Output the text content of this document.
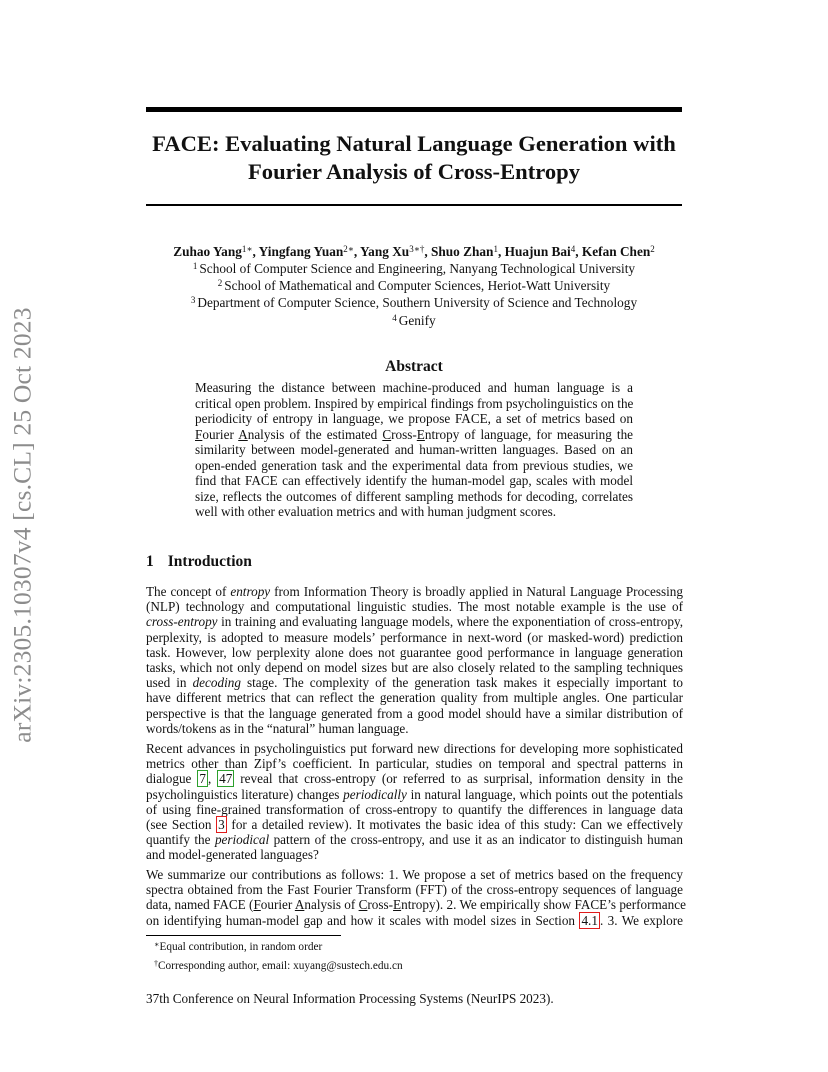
arXiv:2305.10307v4 [cs.CL] 25 Oct 2023
FACE: Evaluating Natural Language Generation with
Fourier Analysis of Cross-Entropy
Zuhao Yang$^{1∗}$, Yingfang Yuan$^{2∗}$, Yang $Xu^{3∗\dagger}$, Shuo Zhan$^1$, Huajun Bai$^4$, Kefan Chen$^2$
$^1$ School of Computer Science and Engineering, Nanyang Technological University
$^2$ School of Mathematical and Computer Sciences, Heriot-Watt University
$^3$ Department of Computer Science, Southern University of Science and Technology
$^4$ Genify
Abstract
Measuring the distance between machine-produced and human language is a
critical open problem. Inspired by empirical findings from psycholinguistics on the
periodicity of entropy in language, we propose FACE, a set of metrics based on
Fourier Analysis of the estimated Cross-Entropy of language, for measuring the
similarity between model-generated and human-written languages. Based on an
open-ended generation task and the experimental data from previous studies, we
find that FACE can effectively identify the human-model gap, scales with model
size, reflects the outcomes of different sampling methods for decoding, correlates
well with other evaluation metrics and with human judgment scores.
1 Introduction
The concept of entropy from Information Theory is broadly applied in Natural Language Processing
(NLP) technology and computational linguistic studies. The most notable example is the use of
cross-entropy in training and evaluating language models, where the exponentiation of cross-entropy,
perplexity, is adopted to measure models’ performance in next-word (or masked-word) prediction
task. However, low perplexity alone does not guarantee good performance in language generation
tasks, which not only depend on model sizes but are also closely related to the sampling techniques
used in decoding stage. The complexity of the generation task makes it especially important to
have different metrics that can reflect the generation quality from multiple angles. One particular
perspective is that the language generated from a good model should have a similar distribution of
words/tokens as in the “natural” human language.
Recent advances in psycholinguistics put forward new directions for developing more sophisticated
metrics other than Zipf’s coefficient. In particular, studies on temporal and spectral patterns in
dialogue 7 , 47 reveal that cross-entropy (or referred to as surprisal, information density in the
psycholinguistics literature) changes periodically in natural language, which points out the potentials
of using fine-grained transformation of cross-entropy to quantify the differences in language data
(see Section 3 for a detailed review). It motivates the basic idea of this study: Can we effectively
quantify the periodical pattern of the cross-entropy, and use it as an indicator to distinguish human
and model-generated languages?
We summarize our contributions as follows: 1. We propose a set of metrics based on the frequency
spectra obtained from the Fast Fourier Transform (FFT) of the cross-entropy sequences of language
data, named FACE (Fourier Analysis of Cross-Entropy). 2. We empirically show FACE’s performance
on identifying human-model gap and how it scales with model sizes in Section 4.1 . 3. We explore
∗Equal contribution, in random order
†Corresponding author, email: xuyang@sustech.edu.cn
37th Conference on Neural Information Processing Systems (NeurIPS 2023).
